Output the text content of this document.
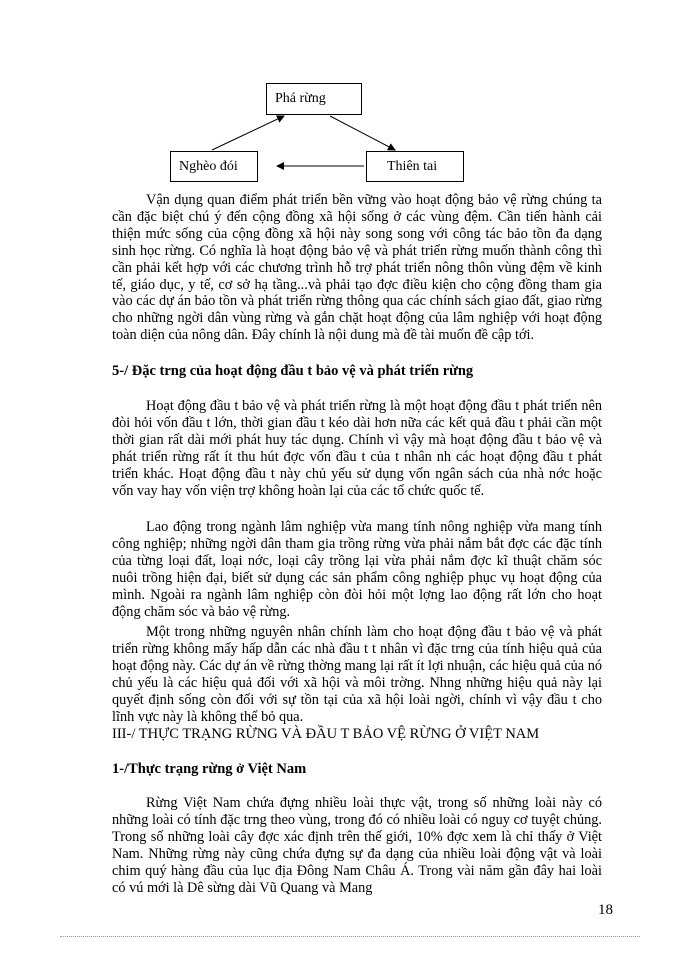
Phá rừng
Nghèo đói	Thiên tai

Vận dụng quan điểm phát triển bền vững vào hoạt động bảo vệ rừng chúng ta cần đặc biệt chú ý đến cộng đồng xã hội sống ở các vùng đệm. Cần tiến hành cải thiện mức sống của cộng đồng xã hội này song song với công tác bảo tồn đa dạng sinh học rừng. Có nghĩa là hoạt động bảo vệ và phát triển rừng muốn thành công thì cần phải kết hợp với các chương trình hỗ trợ phát triển nông thôn vùng đệm về kinh tế, giáo dục, y tế, cơ sở hạ tầng...và phải tạo đợc điều kiện cho cộng đồng tham gia vào các dự án bảo tồn và phát triển rừng thông qua các chính sách giao đất, giao rừng cho những ngời dân vùng rừng và gắn chặt hoạt động của lâm nghiệp với hoạt động toàn diện của nông dân. Đây chính là nội dung mà đề tài muốn đề cập tới.

5-/ Đặc trng của hoạt động đầu t bảo vệ và phát triển rừng

Hoạt động đầu t bảo vệ và phát triển rừng là một hoạt động đầu t phát triển nên đòi hỏi vốn đầu t lớn, thời gian đầu t kéo dài hơn nữa các kết quả đầu t phải cần một thời gian rất dài mới phát huy tác dụng. Chính vì vậy mà hoạt động đầu t bảo vệ và phát triển rừng rất ít thu hút đợc vốn đầu t của t nhân nh các hoạt động đầu t phát triển khác. Hoạt động đầu t này chủ yếu sử dụng vốn ngân sách của nhà nớc hoặc vốn vay hay vốn viện trợ không hoàn lại của các tổ chức quốc tế.

Lao động trong ngành lâm nghiệp vừa mang tính nông nghiệp vừa mang tính công nghiệp; những ngời dân tham gia trồng rừng vừa phải nắm bắt đợc các đặc tính của từng loại đất, loại nớc, loại cây trồng lại vừa phải nắm đợc kĩ thuật chăm sóc nuôi trồng hiện đại, biết sử dụng các sản phẩm công nghiệp phục vụ hoạt động của mình. Ngoài ra ngành lâm nghiệp còn đòi hỏi một lợng lao động rất lớn cho hoạt động chăm sóc và bảo vệ rừng.

Một trong những nguyên nhân chính làm cho hoạt động đầu t bảo vệ và phát triển rừng không mấy hấp dẫn các nhà đầu t t nhân vì đặc trng của tính hiệu quả của hoạt động này. Các dự án về rừng thờng mang lại rất ít lợi nhuận, các hiệu quả của nó chủ yếu là các hiệu quả đối với xã hội và môi trờng. Nhng những hiệu quả này lại quyết định sống còn đối với sự tồn tại của xã hội loài ngời, chính vì vậy đầu t cho lĩnh vực này là không thể bỏ qua.

III-/ THỰC TRẠNG RỪNG VÀ ĐẦU T BẢO VỆ RỪNG Ở VIỆT NAM

1-/Thực trạng rừng ở Việt Nam

Rừng Việt Nam chứa đựng nhiều loài thực vật, trong số những loài này có những loài có tính đặc trng theo vùng, trong đó có nhiều loài có nguy cơ tuyệt chủng. Trong số những loài cây đợc xác định trên thế giới, 10% đợc xem là chỉ thấy ở Việt Nam. Những rừng này cũng chứa đựng sự đa dạng của nhiều loài động vật và loài chim quý hàng đầu của lục địa Đông Nam Châu Á. Trong vài năm gần đây hai loài có vú mới là Dê sừng dài Vũ Quang và Mang

18
